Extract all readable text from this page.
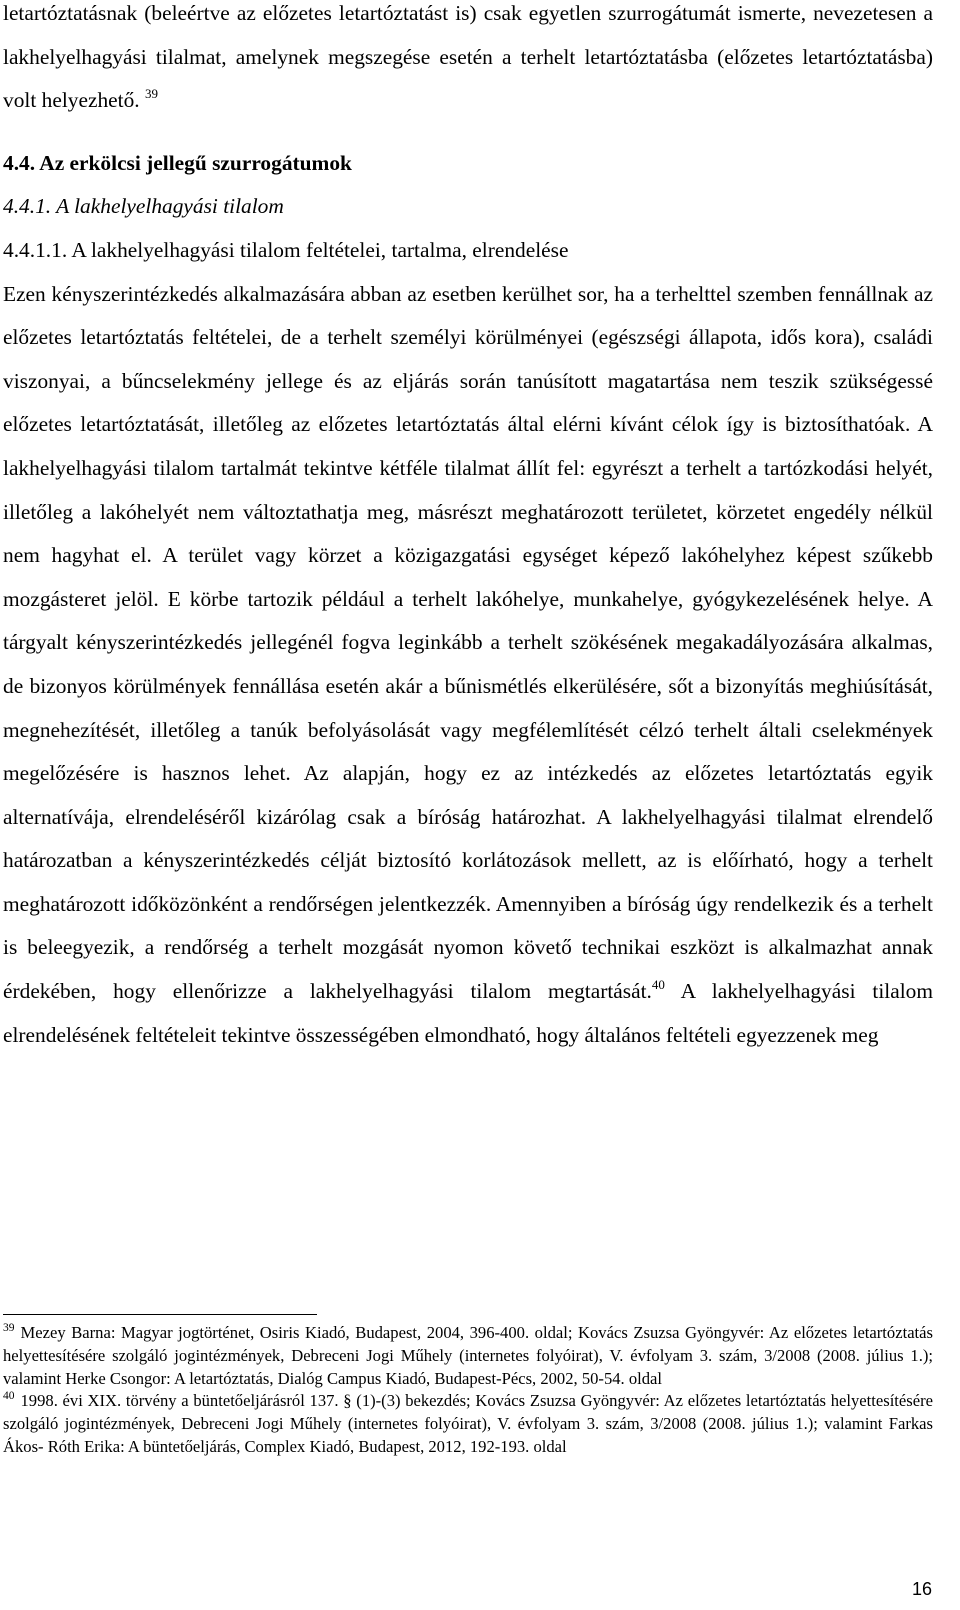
letartóztatásnak (beleértve az előzetes letartóztatást is) csak egyetlen szurrogátumát ismerte, nevezetesen a lakhelyelhagyási tilalmat, amelynek megszegése esetén a terhelt letartóztatásba (előzetes letartóztatásba) volt helyezhető. $^{39}$

4.4. Az erkölcsi jellegű szurrogátumok

4.4.1. A lakhelyelhagyási tilalom

4.4.1.1. A lakhelyelhagyási tilalom feltételei, tartalma, elrendelése

Ezen kényszerintézkedés alkalmazására abban az esetben kerülhet sor, ha a terhelttel szemben fennállnak az előzetes letartóztatás feltételei, de a terhelt személyi körülményei (egészségi állapota, idős kora), családi viszonyai, a bűncselekmény jellege és az eljárás során tanúsított magatartása nem teszik szükségessé előzetes letartóztatását, illetőleg az előzetes letartóztatás által elérni kívánt célok így is biztosíthatóak. A lakhelyelhagyási tilalom tartalmát tekintve kétféle tilalmat állít fel: egyrészt a terhelt a tartózkodási helyét, illetőleg a lakóhelyét nem változtathatja meg, másrészt meghatározott területet, körzetet engedély nélkül nem hagyhat el. A terület vagy körzet a közigazgatási egységet képező lakóhelyhez képest szűkebb mozgásteret jelöl. E körbe tartozik például a terhelt lakóhelye, munkahelye, gyógykezelésének helye. A tárgyalt kényszerintézkedés jellegénél fogva leginkább a terhelt szökésének megakadályozására alkalmas, de bizonyos körülmények fennállása esetén akár a bűnismétlés elkerülésére, sőt a bizonyítás meghiúsítását, megnehezítését, illetőleg a tanúk befolyásolását vagy megfélemlítését célzó terhelt általi cselekmények megelőzésére is hasznos lehet. Az alapján, hogy ez az intézkedés az előzetes letartóztatás egyik alternatívája, elrendeléséről kizárólag csak a bíróság határozhat. A lakhelyelhagyási tilalmat elrendelő határozatban a kényszerintézkedés célját biztosító korlátozások mellett, az is előírható, hogy a terhelt meghatározott időközönként a rendőrségen jelentkezzék. Amennyiben a bíróság úgy rendelkezik és a terhelt is beleegyezik, a rendőrség a terhelt mozgását nyomon követő technikai eszközt is alkalmazhat annak érdekében, hogy ellenőrizze a lakhelyelhagyási tilalom megtartását.$^{40}$ A lakhelyelhagyási tilalom elrendelésének feltételeit tekintve összességében elmondható, hogy általános feltételi egyezzenek meg

$^{39}$ Mezey Barna: Magyar jogtörténet, Osiris Kiadó, Budapest, 2004, 396-400. oldal; Kovács Zsuzsa Gyöngyvér: Az előzetes letartóztatás helyettesítésére szolgáló jogintézmények, Debreceni Jogi Műhely (internetes folyóirat), V. évfolyam 3. szám, 3/2008 (2008. július 1.); valamint Herke Csongor: A letartóztatás, Dialóg Campus Kiadó, Budapest-Pécs, 2002, 50-54. oldal

$^{40}$ 1998. évi XIX. törvény a büntetőeljárásról 137. § (1)-(3) bekezdés; Kovács Zsuzsa Gyöngyvér: Az előzetes letartóztatás helyettesítésére szolgáló jogintézmények, Debreceni Jogi Műhely (internetes folyóirat), V. évfolyam 3. szám, 3/2008 (2008. július 1.); valamint Farkas Ákos- Róth Erika: A büntetőeljárás, Complex Kiadó, Budapest, 2012, 192-193. oldal

16
